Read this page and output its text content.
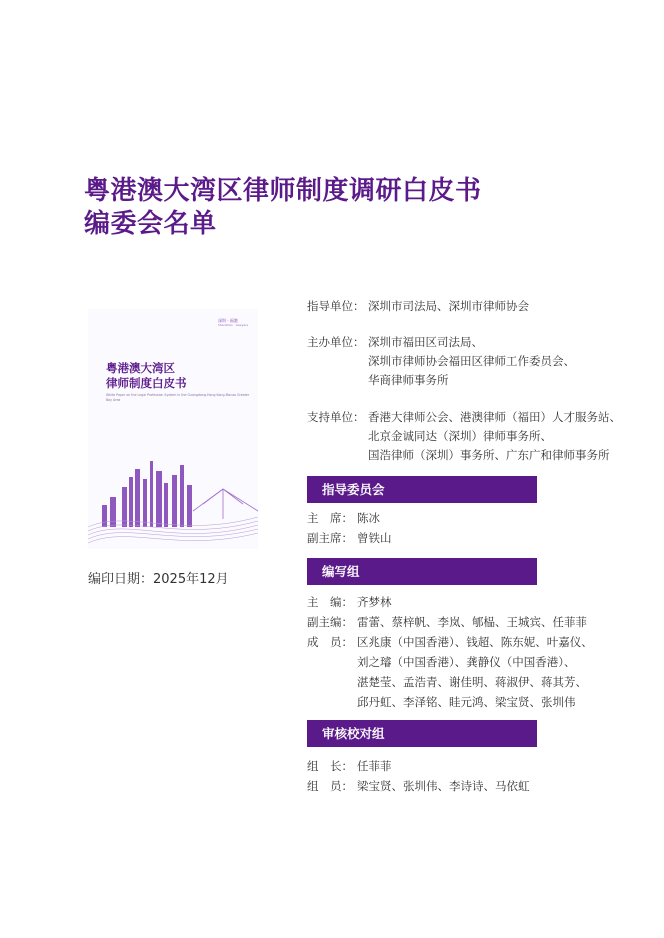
粤港澳大湾区律师制度调研白皮书
编委会名单
深圳 · 福港
Shenzhen · Lawyers
粤港澳大湾区
律师制度白皮书
White Paper on the Legal Profession System in the Guangdong-Hong Kong-Macao Greater Bay Area
编印日期：2025年12月
指导单位： 深圳市司法局、深圳市律师协会
主办单位： 深圳市福田区司法局、
深圳市律师协会福田区律师工作委员会、
华商律师事务所
支持单位： 香港大律师公会、港澳律师（福田）人才服务站、
北京金诚同达（深圳）律师事务所、
国浩律师（深圳）事务所、广东广和律师事务所
指导委员会
主　席： 陈冰
副主席： 曾铁山
编写组
主　编： 齐梦林
副主编： 雷蕾、蔡梓帆、李岚、郇榀、王城宾、任菲菲
成　员： 区兆康（中国香港）、钱超、陈东妮、叶嘉仪、
刘之璿（中国香港）、龚静仪（中国香港）、
湛楚莹、孟浩青、谢佳明、蒋淑伊、蒋其芳、
邱丹虹、李泽铭、眭元鸿、梁宝贤、张圳伟
审核校对组
组　长： 任菲菲
组　员： 梁宝贤、张圳伟、李诗诗、马依虹
